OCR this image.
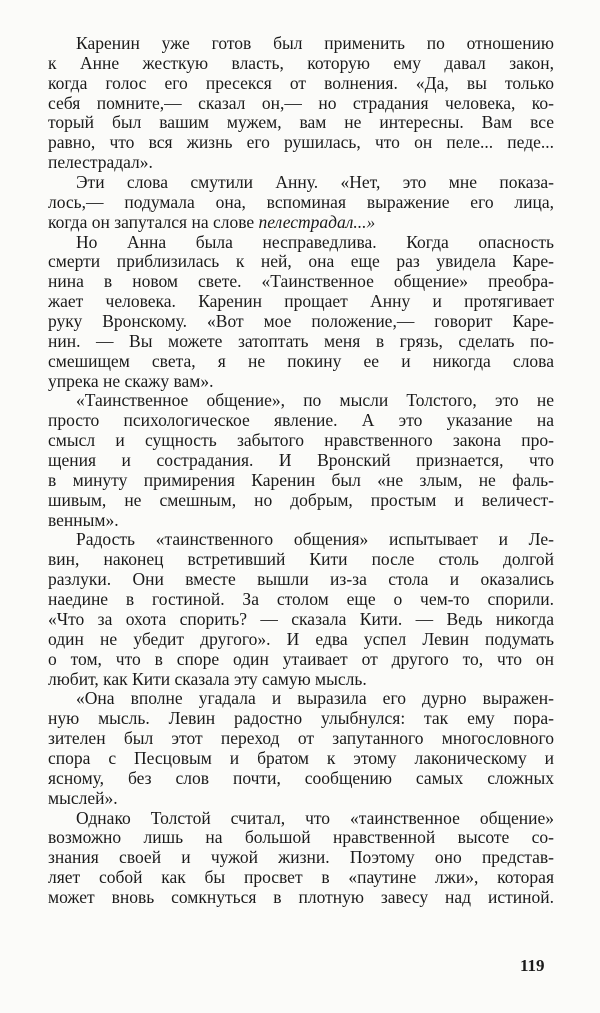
Каренин уже готов был применить по отношению
к Анне жесткую власть, которую ему давал закон,
когда голос его пресекся от волнения. «Да, вы только
себя помните,— сказал он,— но страдания человека, ко-
торый был вашим мужем, вам не интересны. Вам все
равно, что вся жизнь его рушилась, что он пеле... педе...
пелестрадал».
Эти слова смутили Анну. «Нет, это мне показа-
лось,— подумала она, вспоминая выражение его лица,
когда он запутался на слове пелестрадал...»
Но Анна была несправедлива. Когда опасность
смерти приблизилась к ней, она еще раз увидела Каре-
нина в новом свете. «Таинственное общение» преобра-
жает человека. Каренин прощает Анну и протягивает
руку Вронскому. «Вот мое положение,— говорит Каре-
нин. — Вы можете затоптать меня в грязь, сделать по-
смешищем света, я не покину ее и никогда слова
упрека не скажу вам».
«Таинственное общение», по мысли Толстого, это не
просто психологическое явление. А это указание на
смысл и сущность забытого нравственного закона про-
щения и сострадания. И Вронский признается, что
в минуту примирения Каренин был «не злым, не фаль-
шивым, не смешным, но добрым, простым и величест-
венным».
Радость «таинственного общения» испытывает и Ле-
вин, наконец встретивший Кити после столь долгой
разлуки. Они вместе вышли из-за стола и оказались
наедине в гостиной. За столом еще о чем-то спорили.
«Что за охота спорить? — сказала Кити. — Ведь никогда
один не убедит другого». И едва успел Левин подумать
о том, что в споре один утаивает от другого то, что он
любит, как Кити сказала эту самую мысль.
«Она вполне угадала и выразила его дурно выражен-
ную мысль. Левин радостно улыбнулся: так ему пора-
зителен был этот переход от запутанного многословного
спора с Песцовым и братом к этому лаконическому и
ясному, без слов почти, сообщению самых сложных
мыслей».
Однако Толстой считал, что «таинственное общение»
возможно лишь на большой нравственной высоте со-
знания своей и чужой жизни. Поэтому оно представ-
ляет собой как бы просвет в «паутине лжи», которая
может вновь сомкнуться в плотную завесу над истиной.
119
